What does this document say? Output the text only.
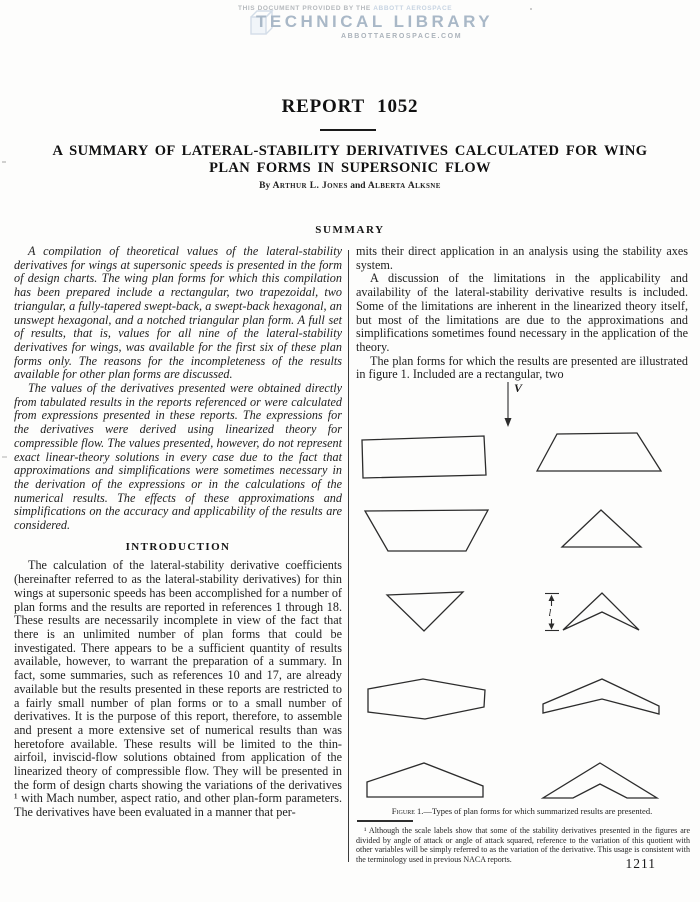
THIS DOCUMENT PROVIDED BY THE ABBOTT AEROSPACE
TECHNICAL LIBRARY
ABBOTTAEROSPACE.COM
REPORT 1052
A SUMMARY OF LATERAL-STABILITY DERIVATIVES CALCULATED FOR WING PLAN FORMS IN SUPERSONIC FLOW
By Arthur L. Jones and Alberta Alksne
SUMMARY

A compilation of theoretical values of the lateral-stability derivatives for wings at supersonic speeds is presented in the form of design charts. The wing plan forms for which this compilation has been prepared include a rectangular, two trapezoidal, two triangular, a fully-tapered swept-back, a swept-back hexagonal, an unswept hexagonal, and a notched triangular plan form. A full set of results, that is, values for all nine of the lateral-stability derivatives for wings, was available for the first six of these plan forms only. The reasons for the incompleteness of the results available for other plan forms are discussed.

The values of the derivatives presented were obtained directly from tabulated results in the reports referenced or were calculated from expressions presented in these reports. The expressions for the derivatives were derived using linearized theory for compressible flow. The values presented, however, do not represent exact linear-theory solutions in every case due to the fact that approximations and simplifications were sometimes necessary in the derivation of the expressions or in the calculations of the numerical results. The effects of these approximations and simplifications on the accuracy and applicability of the results are considered.

INTRODUCTION

The calculation of the lateral-stability derivative coefficients (hereinafter referred to as the lateral-stability derivatives) for thin wings at supersonic speeds has been accomplished for a number of plan forms and the results are reported in references 1 through 18. These results are necessarily incomplete in view of the fact that there is an unlimited number of plan forms that could be investigated. There appears to be a sufficient quantity of results available, however, to warrant the preparation of a summary. In fact, some summaries, such as references 10 and 17, are already available but the results presented in these reports are restricted to a fairly small number of plan forms or to a small number of derivatives. It is the purpose of this report, therefore, to assemble and present a more extensive set of numerical results than was heretofore available. These results will be limited to the thin-airfoil, inviscid-flow solutions obtained from application of the linearized theory of compressible flow. They will be presented in the form of design charts showing the variations of the derivatives ¹ with Mach number, aspect ratio, and other plan-form parameters. The derivatives have been evaluated in a manner that per-

mits their direct application in an analysis using the stability axes system.

A discussion of the limitations in the applicability and availability of the lateral-stability derivative results is included. Some of the limitations are inherent in the linearized theory itself, but most of the limitations are due to the approximations and simplifications sometimes found necessary in the application of the theory.

The plan forms for which the results are presented are illustrated in figure 1. Included are a rectangular, two

V
l
Figure 1.—Types of plan forms for which summarized results are presented.
¹ Although the scale labels show that some of the stability derivatives presented in the figures are divided by angle of attack or angle of attack squared, reference to the variation of this quotient with other variables will be simply referred to as the variation of the derivative. This usage is consistent with the terminology used in previous NACA reports.	1211
